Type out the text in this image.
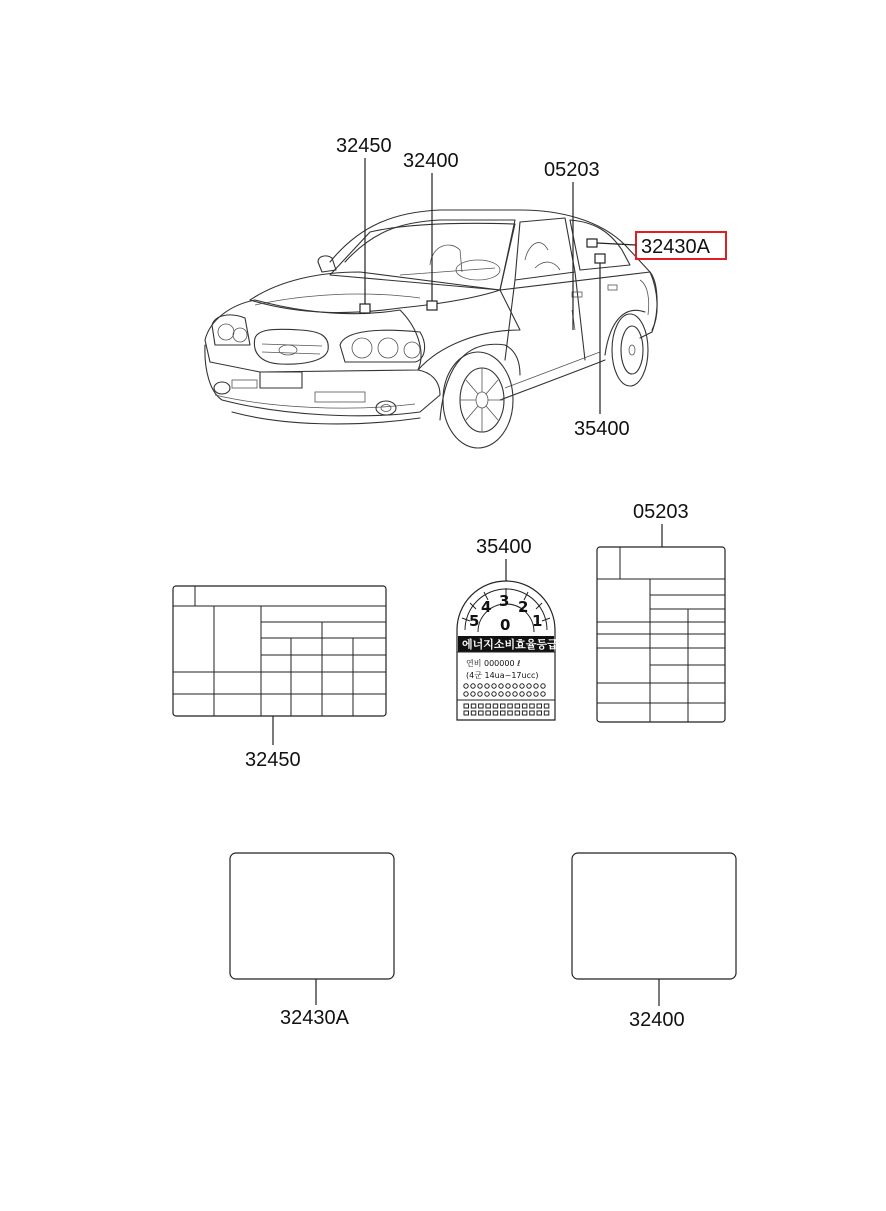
32450
32400	05203
32430A
35400
32450
35400
5
4 3 2
1
0
에너지소비효율등급
연비 000000 ℓ
(4군 14ua~17ucc)
05203
32430A	32400
